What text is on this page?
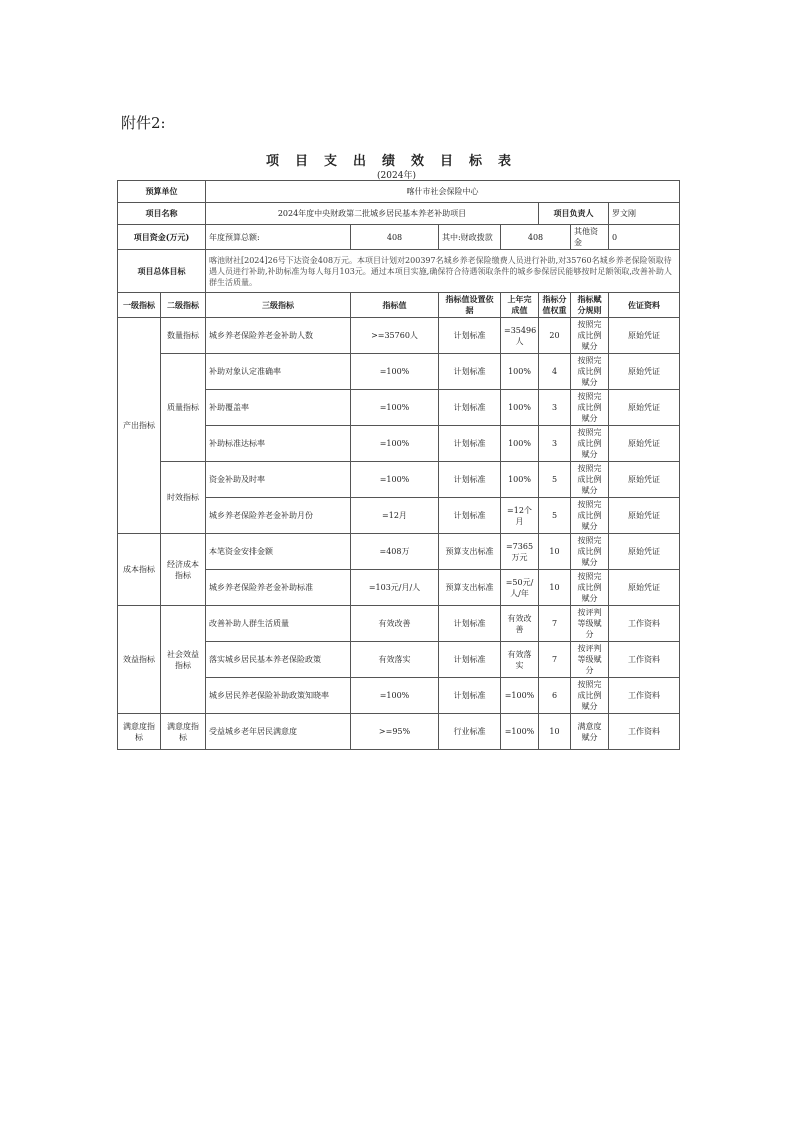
附件2:
项目支出绩效目标表
(2024年)
预算单位		喀什市社会保险中心						
项目名称		2024年度中央财政第二批城乡居民基本养老补助项目				项目负责人		罗文刚
项目资金(万元)		年度预算总额:	408	其中:财政拨款	408		其他资金	0
项目总体目标		喀池财社[2024]26号下达资金408万元。本项目计划对200397名城乡养老保险缴费人员进行补助,对35760名城乡养老保险领取待遇人员进行补助,补助标准为每人每月103元。通过本项目实施,确保符合待遇领取条件的城乡参保居民能够按时足额领取,改善补助人群生活质量。						
一级指标	二级指标	三级指标	指标值	指标值设置依据	上年完成值	指标分值权重	指标赋分规则	佐证资料
产出指标	数量指标	城乡养老保险养老金补助人数	>=35760人	计划标准	=35496人	20	按照完成比例赋分	原始凭证
	质量指标	补助对象认定准确率	=100%	计划标准	100%	4	按照完成比例赋分	原始凭证
		补助覆盖率	=100%	计划标准	100%	3	按照完成比例赋分	原始凭证
		补助标准达标率	=100%	计划标准	100%	3	按照完成比例赋分	原始凭证
	时效指标	资金补助及时率	=100%	计划标准	100%	5	按照完成比例赋分	原始凭证
		城乡养老保险养老金补助月份	=12月	计划标准	=12个月	5	按照完成比例赋分	原始凭证
成本指标	经济成本指标	本笔资金安排金额	=408万	预算支出标准	=7365万元	10	按照完成比例赋分	原始凭证
		城乡养老保险养老金补助标准	=103元/月/人	预算支出标准	=50元/人/年	10	按照完成比例赋分	原始凭证
效益指标	社会效益指标	改善补助人群生活质量	有效改善	计划标准	有效改善	7	按评判等级赋分	工作资料
		落实城乡居民基本养老保险政策	有效落实	计划标准	有效落实	7	按评判等级赋分	工作资料
		城乡居民养老保险补助政策知晓率	=100%	计划标准	=100%	6	按照完成比例赋分	工作资料
满意度指标	满意度指标	受益城乡老年居民满意度	>=95%	行业标准	=100%	10	满意度赋分	工作资料
